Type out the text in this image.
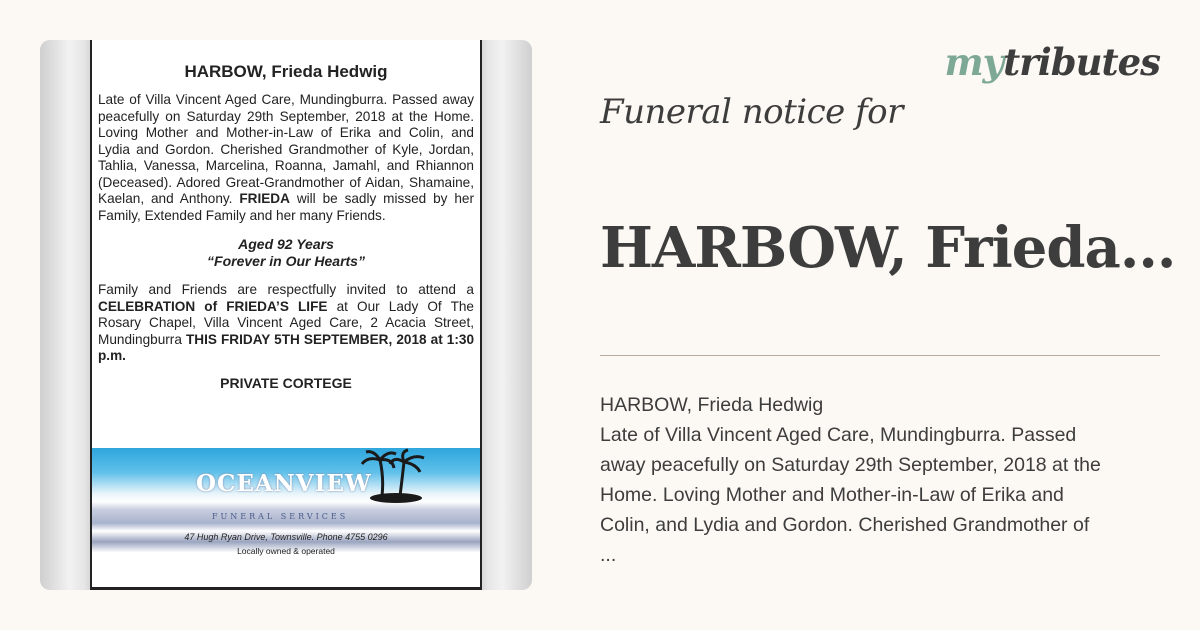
HARBOW, Frieda Hedwig

Late of Villa Vincent Aged Care, Mundingburra. Passed away peacefully on Saturday 29th September, 2018 at the Home. Loving Mother and Mother-in-Law of Erika and Colin, and Lydia and Gordon. Cherished Grandmother of Kyle, Jordan, Tahlia, Vanessa, Marcelina, Roanna, Jamahl, and Rhiannon (Deceased). Adored Great-Grandmother of Aidan, Shamaine, Kaelan, and Anthony. FRIEDA will be sadly missed by her Family, Extended Family and her many Friends.

Aged 92 Years
“Forever in Our Hearts”

Family and Friends are respectfully invited to attend a CELEBRATION of FRIEDA’S LIFE at Our Lady Of The Rosary Chapel, Villa Vincent Aged Care, 2 Acacia Street, Mundingburra THIS FRIDAY 5TH SEPTEMBER, 2018 at 1:30 p.m.

PRIVATE CORTEGE
OCEANVIEW
FUNERAL SERVICES
47 Hugh Ryan Drive, Townsville. Phone 4755 0296
Locally owned & operated
mytributes
Funeral notice for
HARBOW, Frieda...
HARBOW, Frieda Hedwig
Late of Villa Vincent Aged Care, Mundingburra. Passed
away peacefully on Saturday 29th September, 2018 at the
Home. Loving Mother and Mother-in-Law of Erika and
Colin, and Lydia and Gordon. Cherished Grandmother of
...
